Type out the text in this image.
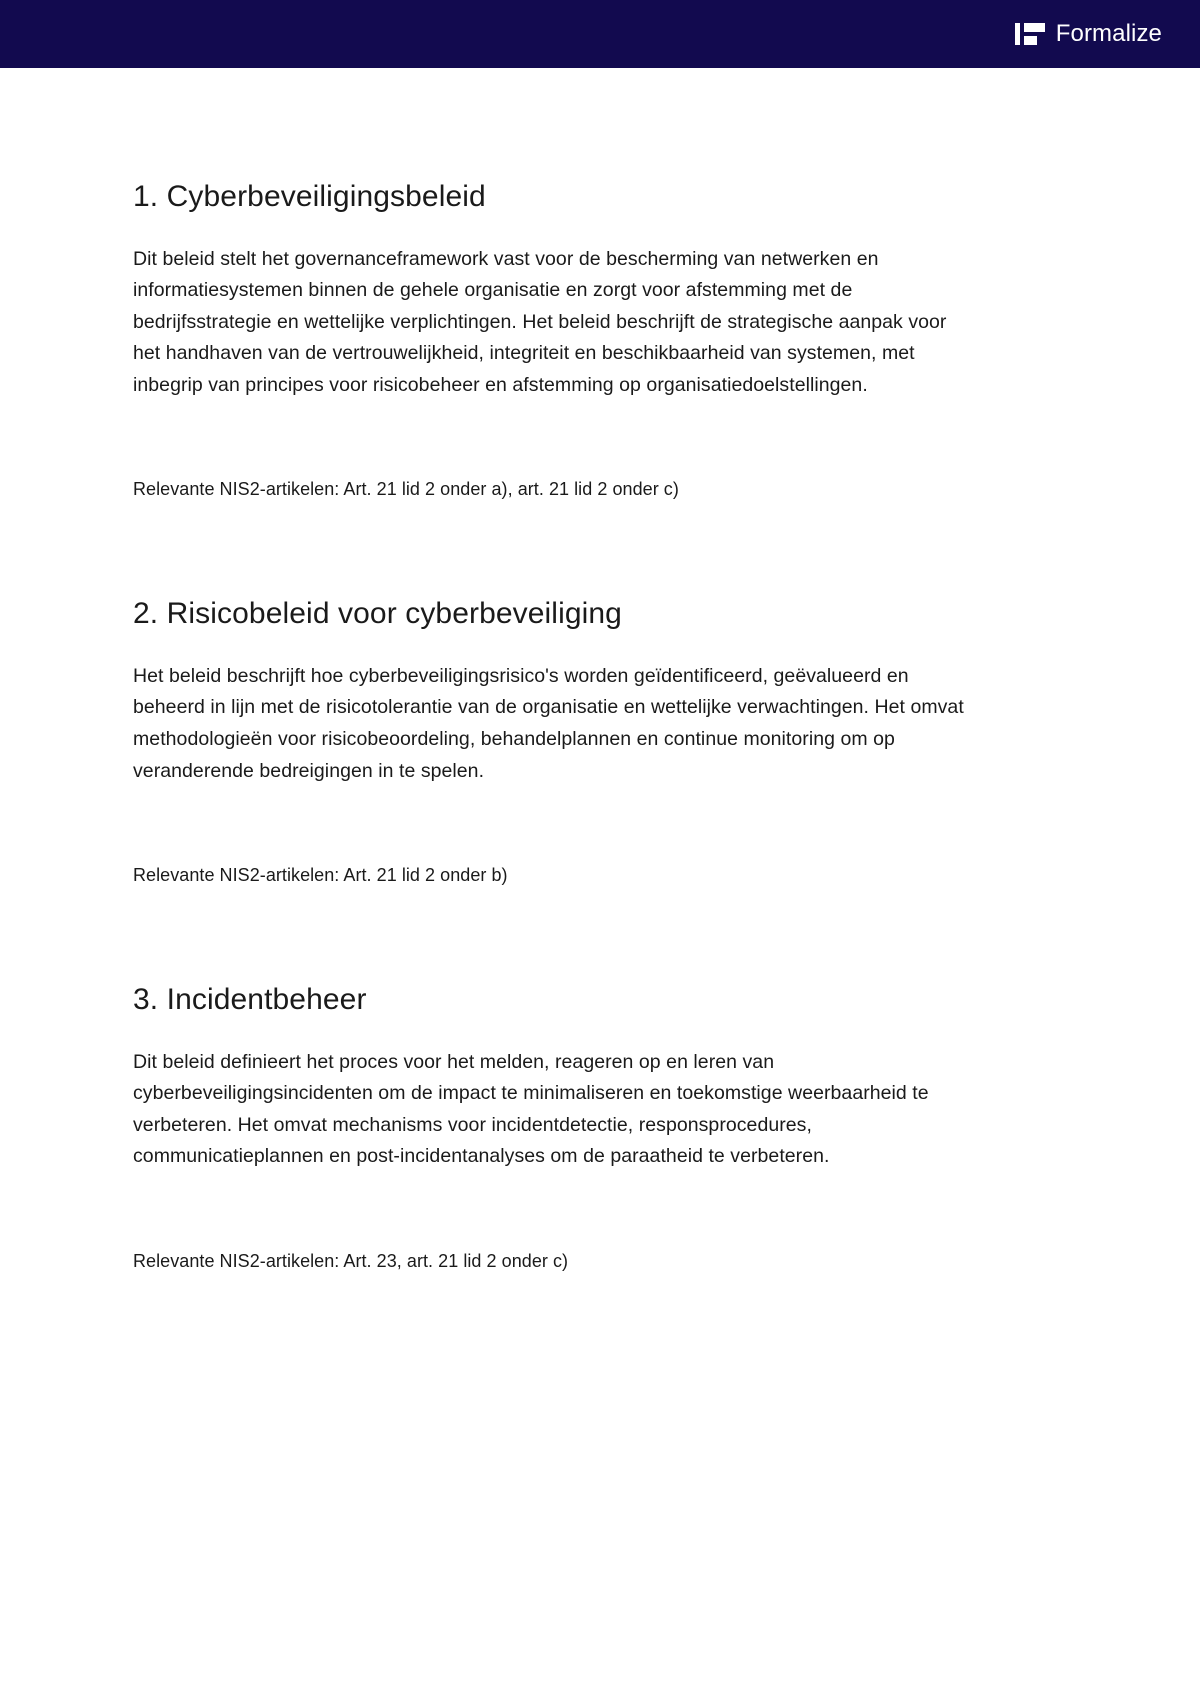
Formalize
1. Cyberbeveiligingsbeleid

Dit beleid stelt het governanceframework vast voor de bescherming van netwerken en informatiesystemen binnen de gehele organisatie en zorgt voor afstemming met de bedrijfsstrategie en wettelijke verplichtingen. Het beleid beschrijft de strategische aanpak voor het handhaven van de vertrouwelijkheid, integriteit en beschikbaarheid van systemen, met inbegrip van principes voor risicobeheer en afstemming op organisatiedoelstellingen.

Relevante NIS2-artikelen: Art. 21 lid 2 onder a), art. 21 lid 2 onder c)

2. Risicobeleid voor cyberbeveiliging

Het beleid beschrijft hoe cyberbeveiligingsrisico's worden geïdentificeerd, geëvalueerd en beheerd in lijn met de risicotolerantie van de organisatie en wettelijke verwachtingen. Het omvat methodologieën voor risicobeoordeling, behandelplannen en continue monitoring om op veranderende bedreigingen in te spelen.

Relevante NIS2-artikelen: Art. 21 lid 2 onder b)

3. Incidentbeheer

Dit beleid definieert het proces voor het melden, reageren op en leren van cyberbeveiligingsincidenten om de impact te minimaliseren en toekomstige weerbaarheid te verbeteren. Het omvat mechanisms voor incidentdetectie, responsprocedures, communicatieplannen en post-incidentanalyses om de paraatheid te verbeteren.

Relevante NIS2-artikelen: Art. 23, art. 21 lid 2 onder c)
